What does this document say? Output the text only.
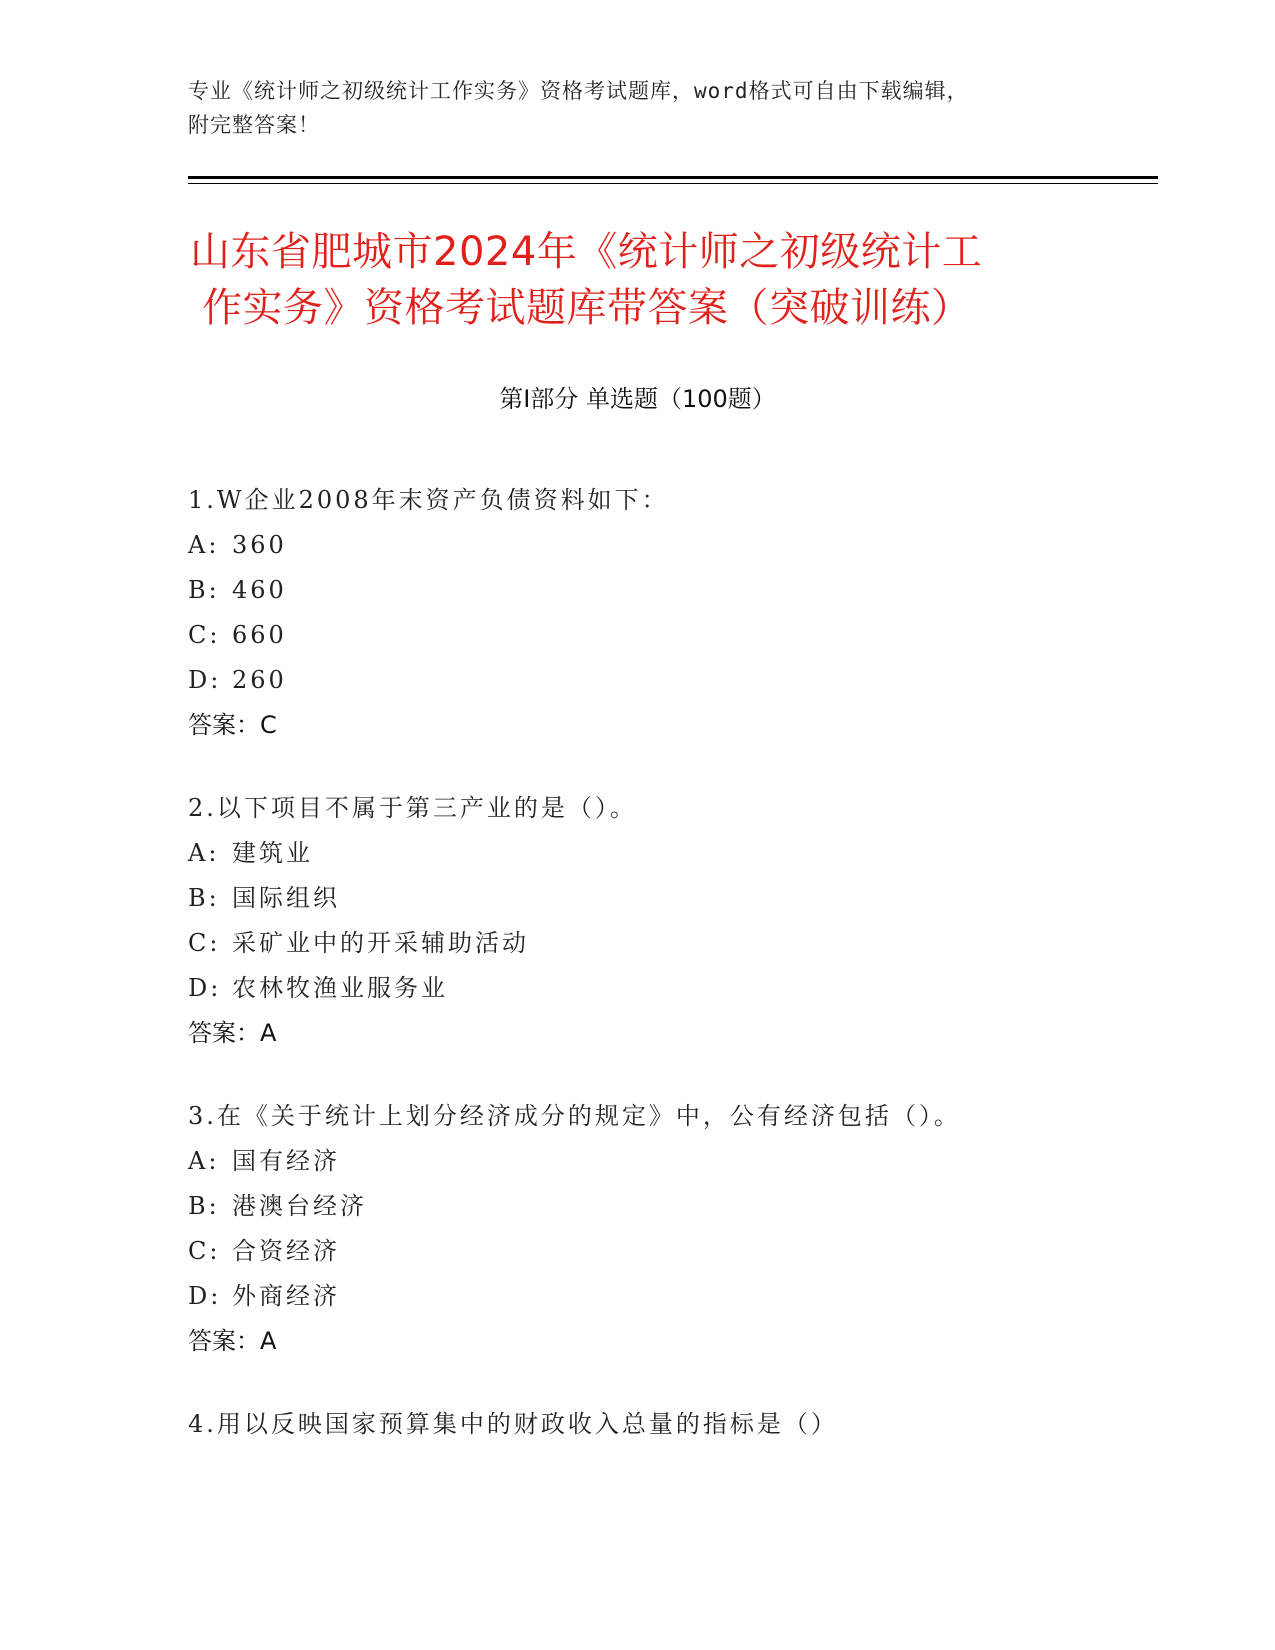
专业《统计师之初级统计工作实务》资格考试题库，word格式可自由下载编辑，
附完整答案！
山东省肥城市2024年《统计师之初级统计工
作实务》资格考试题库带答案（突破训练）
第Ⅰ部分 单选题（100题）
1.W企业2008年末资产负债资料如下：
A: 360
B: 460
C: 660
D: 260
答案：C
2.以下项目不属于第三产业的是（）。
A: 建筑业
B: 国际组织
C: 采矿业中的开采辅助活动
D: 农林牧渔业服务业
答案：A
3.在《关于统计上划分经济成分的规定》中，公有经济包括（）。
A: 国有经济
B: 港澳台经济
C: 合资经济
D: 外商经济
答案：A
4.用以反映国家预算集中的财政收入总量的指标是（）
